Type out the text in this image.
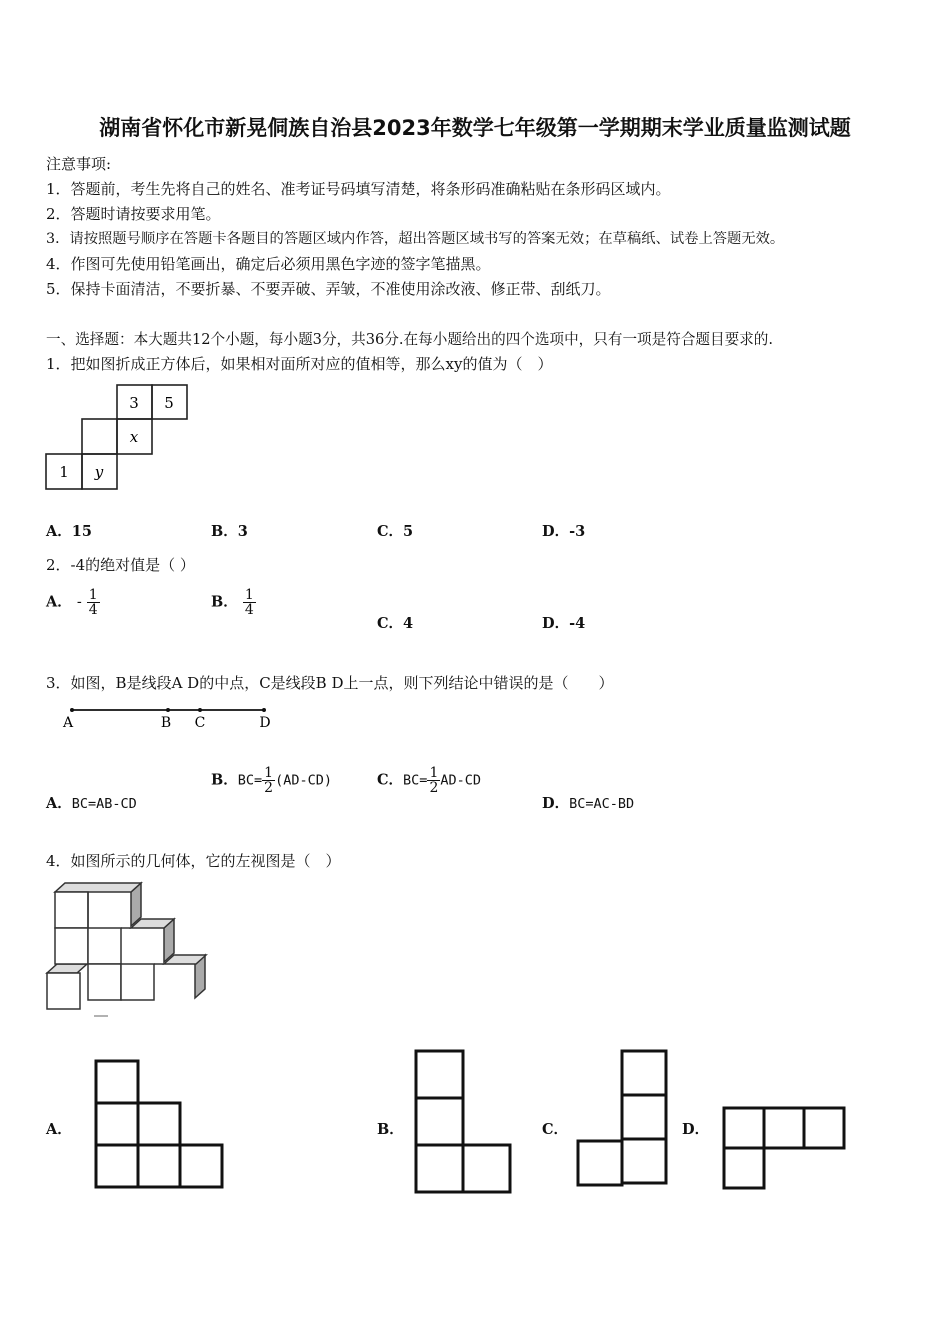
湖南省怀化市新晃侗族自治县2023年数学七年级第一学期期末学业质量监测试题
注意事项:
1．答题前，考生先将自己的姓名、准考证号码填写清楚，将条形码准确粘贴在条形码区域内。
2．答题时请按要求用笔。
3．请按照题号顺序在答题卡各题目的答题区域内作答，超出答题区域书写的答案无效；在草稿纸、试卷上答题无效。
4．作图可先使用铅笔画出，确定后必须用黑色字迹的签字笔描黑。
5．保持卡面清洁，不要折暴、不要弄破、弄皱，不准使用涂改液、修正带、刮纸刀。
一、选择题：本大题共12个小题，每小题3分，共36分.在每小题给出的四个选项中，只有一项是符合题目要求的.
1．把如图折成正方体后，如果相对面所对应的值相等，那么xy的值为（　）
3 5
x
1 y
A．15	B．3	C．5	D．-3
2．-4的绝对值是（ ）
A． - $\frac{1}{4}$	B． $\frac{1}{4}$
C．4	D．-4
3．如图，B是线段A D的中点，C是线段B D上一点，则下列结论中错误的是（　　）
A	B C	D
A．BC=AB-CD
B．$BC= \frac{1}{2} (AD-CD)$	C．$BC= \frac{1}{2} AD-CD$
D．BC=AC-BD
4．如图所示的几何体，它的左视图是（　）
A．	B．	C．	D．
